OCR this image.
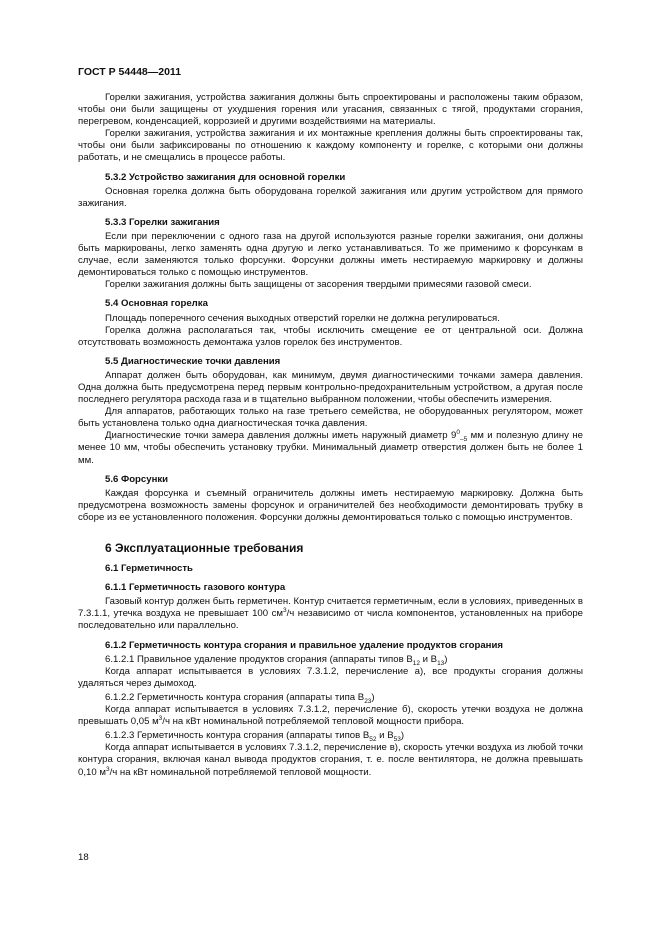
ГОСТ Р 54448—2011

Горелки зажигания, устройства зажигания должны быть спроектированы и расположены таким образом, чтобы они были защищены от ухудшения горения или угасания, связанных с тягой, продуктами сгорания, перегревом, конденсацией, коррозией и другими воздействиями на материалы.

Горелки зажигания, устройства зажигания и их монтажные крепления должны быть спроектированы так, чтобы они были зафиксированы по отношению к каждому компоненту и горелке, с которыми они должны работать, и не смещались в процессе работы.

5.3.2 Устройство зажигания для основной горелки

Основная горелка должна быть оборудована горелкой зажигания или другим устройством для прямого зажигания.

5.3.3 Горелки зажигания

Если при переключении с одного газа на другой используются разные горелки зажигания, они должны быть маркированы, легко заменять одна другую и легко устанавливаться. То же применимо к форсункам в случае, если заменяются только форсунки. Форсунки должны иметь нестираемую маркировку и должны демонтироваться только с помощью инструментов.

Горелки зажигания должны быть защищены от засорения твердыми примесями газовой смеси.

5.4 Основная горелка

Площадь поперечного сечения выходных отверстий горелки не должна регулироваться.

Горелка должна располагаться так, чтобы исключить смещение ее от центральной оси. Должна отсутствовать возможность демонтажа узлов горелок без инструментов.

5.5 Диагностические точки давления

Аппарат должен быть оборудован, как минимум, двумя диагностическими точками замера давления. Одна должна быть предусмотрена перед первым контрольно-предохранительным устройством, а другая после последнего регулятора расхода газа и в тщательно выбранном положении, чтобы обеспечить измерения.

Для аппаратов, работающих только на газе третьего семейства, не оборудованных регулятором, может быть установлена только одна диагностическая точка давления.

Диагностические точки замера давления должны иметь наружный диаметр $9^0_{-5}$ мм и полезную длину не менее 10 мм, чтобы обеспечить установку трубки. Минимальный диаметр отверстия должен быть не более 1 мм.

5.6 Форсунки

Каждая форсунка и съемный ограничитель должны иметь нестираемую маркировку. Должна быть предусмотрена возможность замены форсунок и ограничителей без необходимости демонтировать трубку в сборе из ее установленного положения. Форсунки должны демонтироваться только с помощью инструментов.

6 Эксплуатационные требования
6.1 Герметичность
6.1.1 Герметичность газового контура

Газовый контур должен быть герметичен. Контур считается герметичным, если в условиях, приведенных в 7.3.1.1, утечка воздуха не превышает 100 $см^3/ч$ независимо от числа компонентов, установленных на приборе последовательно или параллельно.

6.1.2 Герметичность контура сгорания и правильное удаление продуктов сгорания

6.1.2.1 Правильное удаление продуктов сгорания (аппараты типов $В_{12}$ и $В_{13}$)

Когда аппарат испытывается в условиях 7.3.1.2, перечисление а), все продукты сгорания должны удаляться через дымоход.

6.1.2.2 Герметичность контура сгорания (аппараты типа $В_{23}$)

Когда аппарат испытывается в условиях 7.3.1.2, перечисление б), скорость утечки воздуха не должна превышать 0,05 $м^3/ч$ на кВт номинальной потребляемой тепловой мощности прибора.

6.1.2.3 Герметичность контура сгорания (аппараты типов $В_{52}$ и $В_{53}$)

Когда аппарат испытывается в условиях 7.3.1.2, перечисление в), скорость утечки воздуха из любой точки контура сгорания, включая канал вывода продуктов сгорания, т. е. после вентилятора, не должна превышать 0,10 $м^3/ч$ на кВт номинальной потребляемой тепловой мощности.

18
